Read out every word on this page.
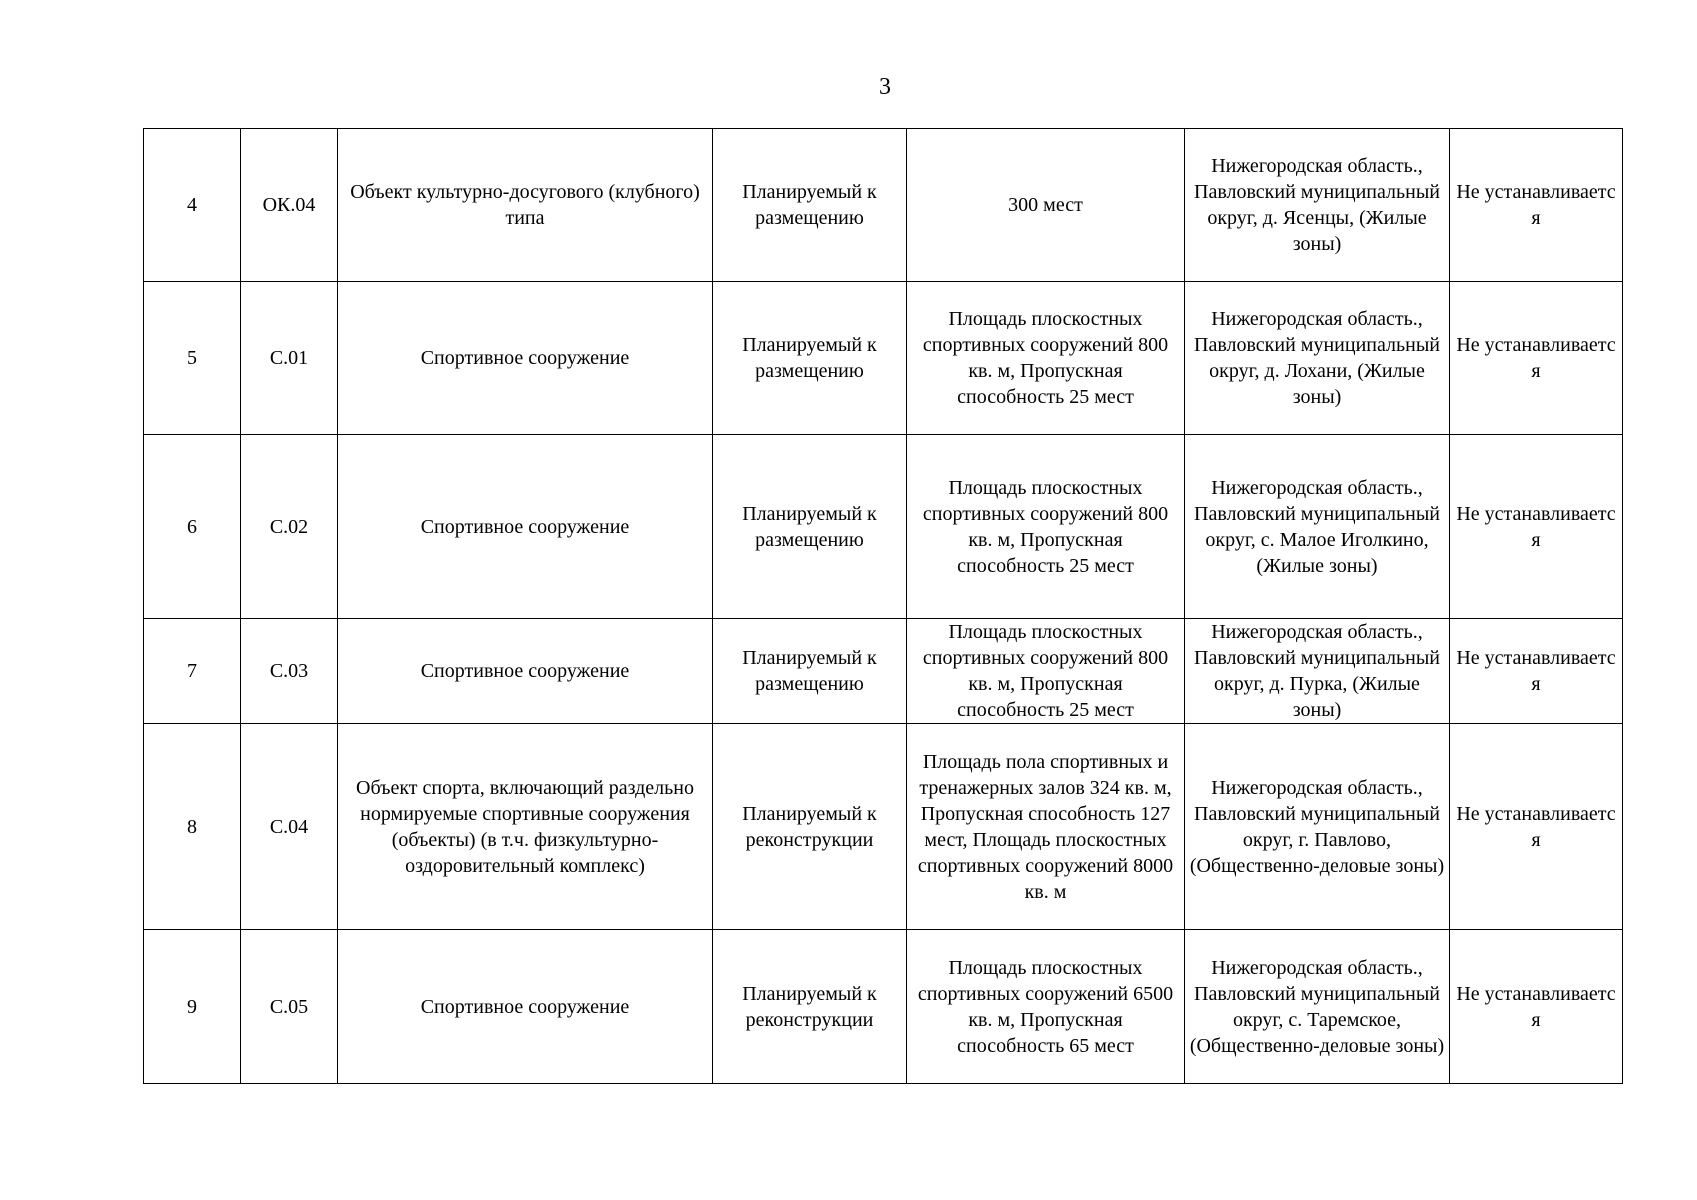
3
4	ОК.04	Объект культурно-досугового (клубного) типа	Планируемый к размещению	300 мест	Нижегородская область., Павловский муниципальный округ, д. Ясенцы, (Жилые зоны)	Не устанавливаетс я
5	С.01	Спортивное сооружение	Планируемый к размещению	Площадь плоскостных спортивных сооружений 800 кв. м, Пропускная способность 25 мест	Нижегородская область., Павловский муниципальный округ, д. Лохани, (Жилые зоны)	Не устанавливаетс я
6	С.02	Спортивное сооружение	Планируемый к размещению	Площадь плоскостных спортивных сооружений 800 кв. м, Пропускная способность 25 мест	Нижегородская область., Павловский муниципальный округ, с. Малое Иголкино, (Жилые зоны)	Не устанавливаетс я
7	С.03	Спортивное сооружение	Планируемый к размещению	Площадь плоскостных спортивных сооружений 800 кв. м, Пропускная способность 25 мест	Нижегородская область., Павловский муниципальный округ, д. Пурка, (Жилые зоны)	Не устанавливаетс я
8	С.04	Объект спорта, включающий раздельно нормируемые спортивные сооружения (объекты) (в т.ч. физкультурно-оздоровительный комплекс)	Планируемый к реконструкции	Площадь пола спортивных и тренажерных залов 324 кв. м, Пропускная способность 127 мест, Площадь плоскостных спортивных сооружений 8000 кв. м	Нижегородская область., Павловский муниципальный округ, г. Павлово, (Общественно-деловые зоны)	Не устанавливаетс я
9	С.05	Спортивное сооружение	Планируемый к реконструкции	Площадь плоскостных спортивных сооружений 6500 кв. м, Пропускная способность 65 мест	Нижегородская область., Павловский муниципальный округ, с. Таремское, (Общественно-деловые зоны)	Не устанавливаетс я
